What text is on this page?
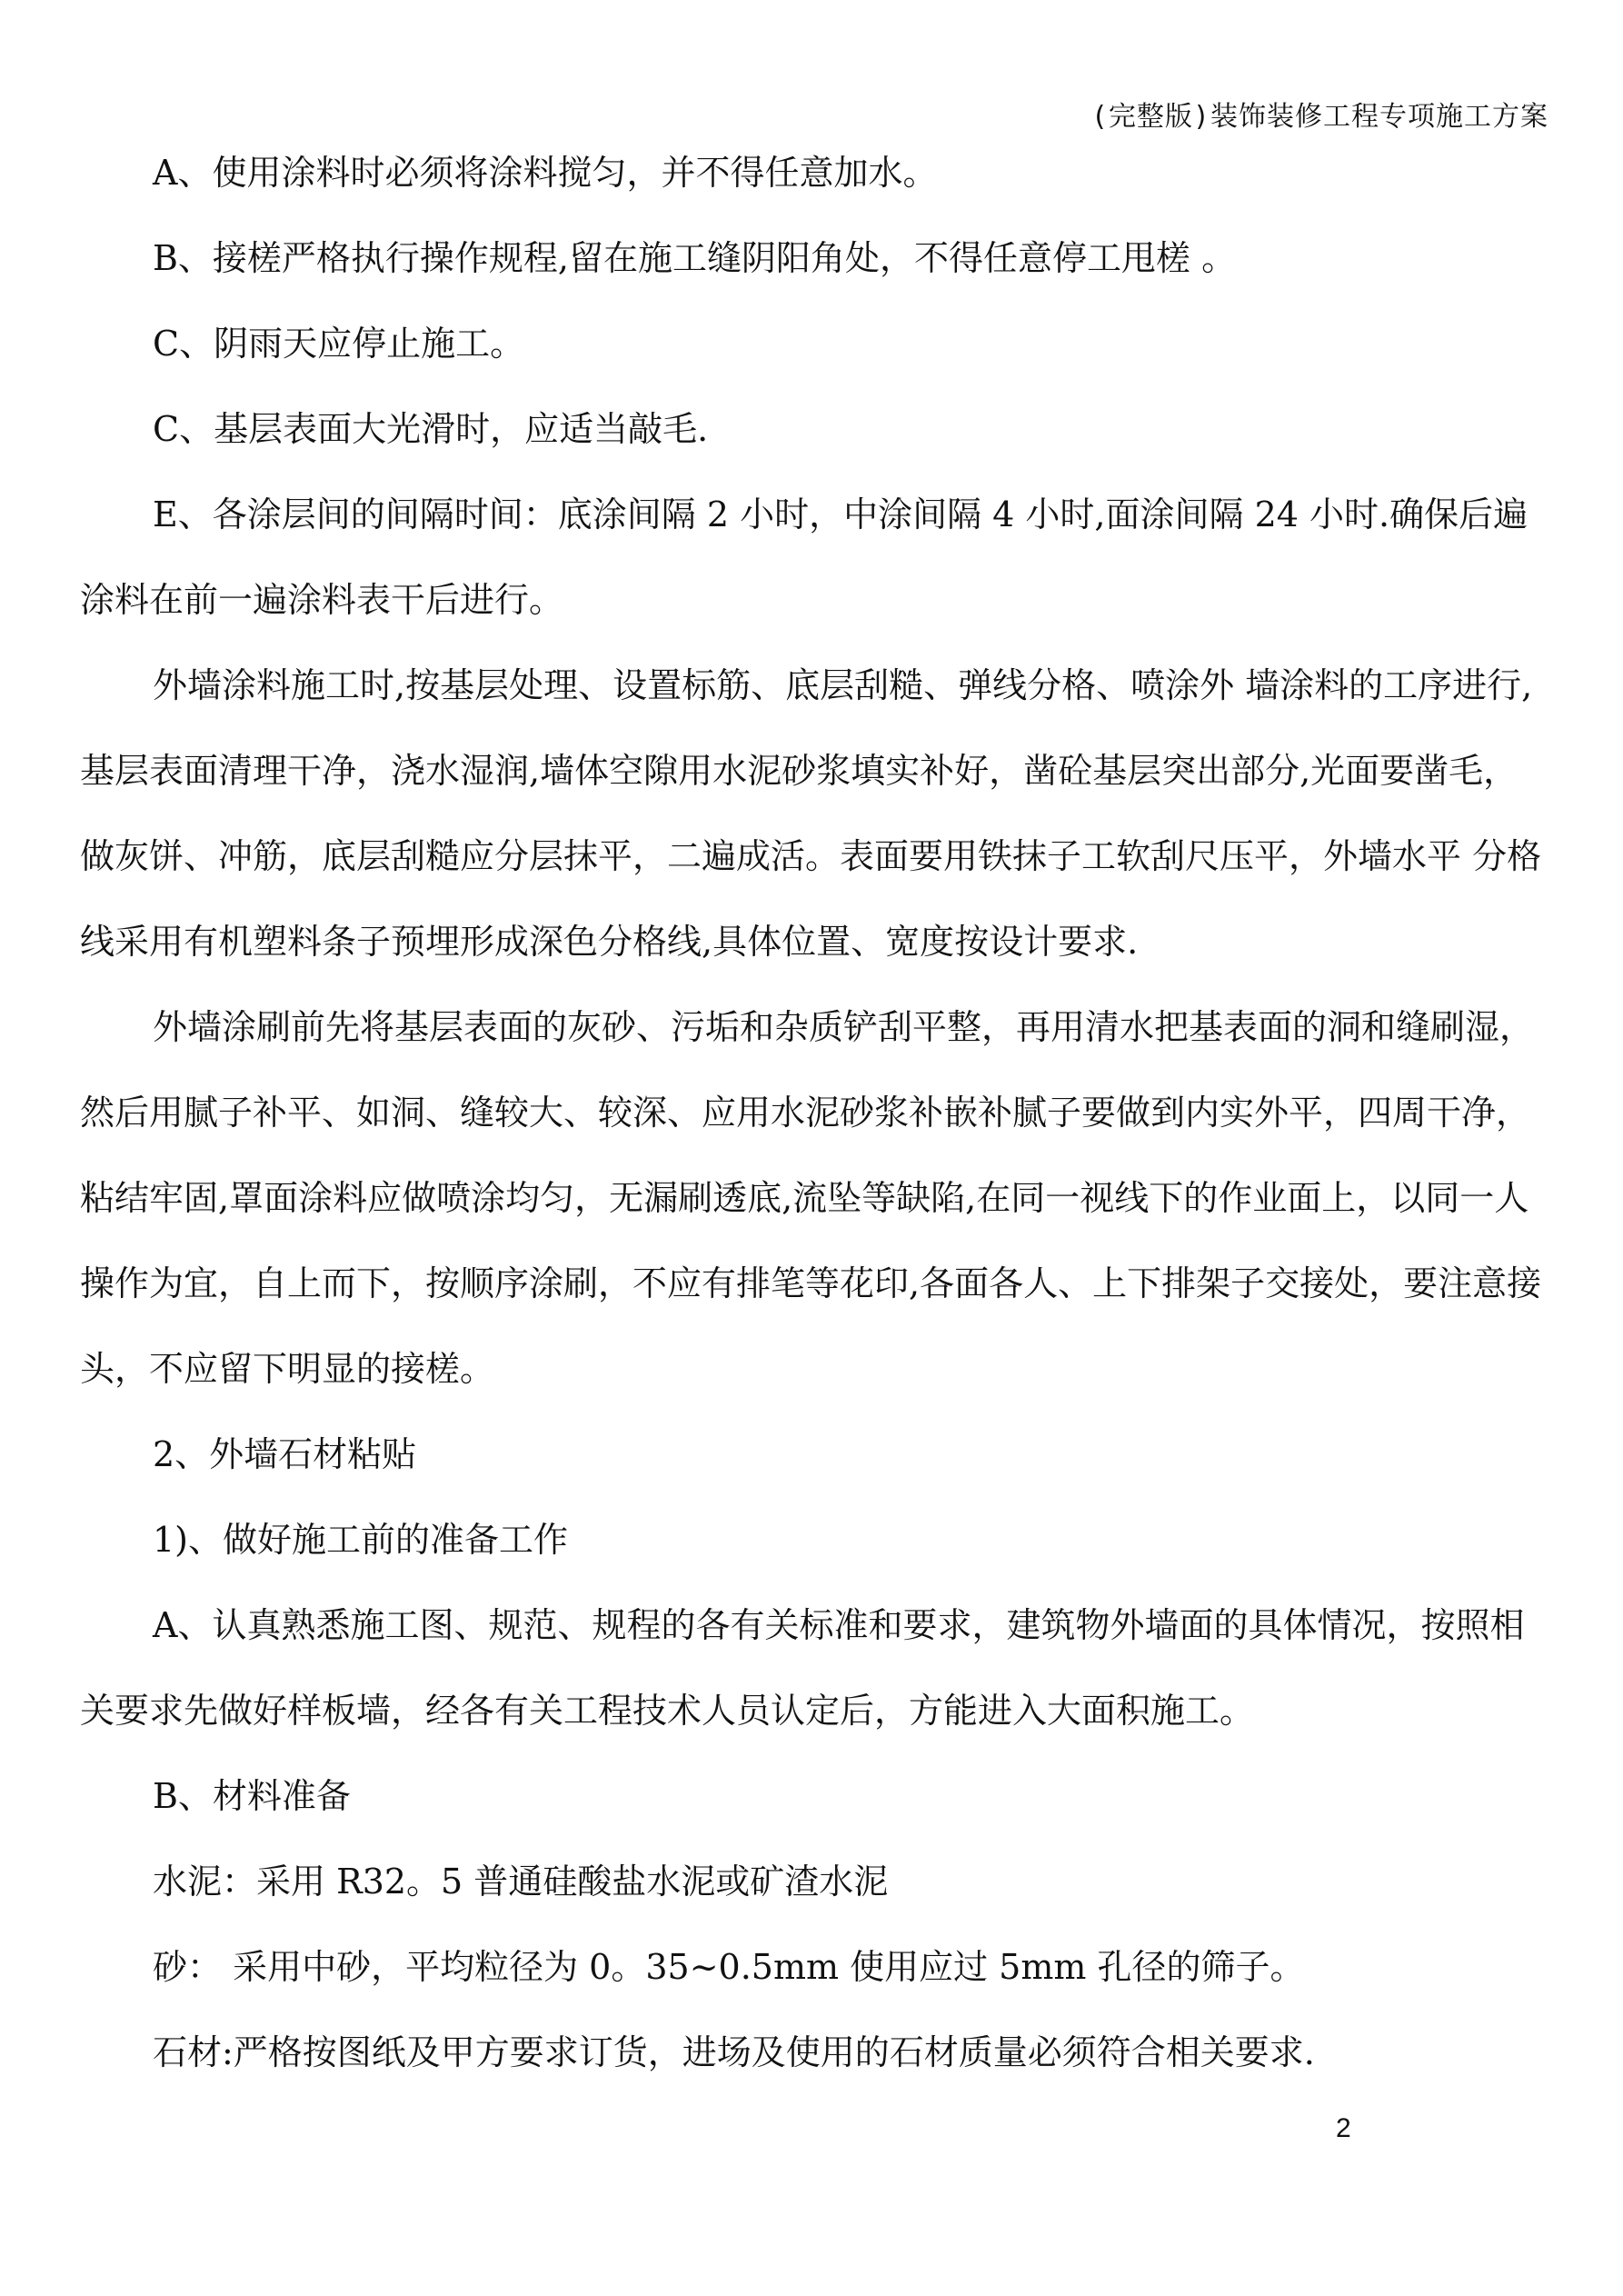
(完整版)装饰装修工程专项施工方案

A、使用涂料时必须将涂料搅匀，并不得任意加水。

B、接槎严格执行操作规程,留在施工缝阴阳角处，不得任意停工甩槎 。

C、阴雨天应停止施工。

C、基层表面大光滑时，应适当敲毛.

E、各涂层间的间隔时间：底涂间隔 2 小时，中涂间隔 4 小时,面涂间隔 24 小时.确保后遍涂料在前一遍涂料表干后进行。

外墙涂料施工时,按基层处理、设置标筋、底层刮糙、弹线分格、喷涂外 墙涂料的工序进行,基层表面清理干净，浇水湿润,墙体空隙用水泥砂浆填实补好，凿砼基层突出部分,光面要凿毛，做灰饼、冲筋，底层刮糙应分层抹平，二遍成活。表面要用铁抹子工软刮尺压平，外墙水平 分格线采用有机塑料条子预埋形成深色分格线,具体位置、宽度按设计要求.

外墙涂刷前先将基层表面的灰砂、污垢和杂质铲刮平整，再用清水把基表面的洞和缝刷湿，然后用腻子补平、如洞、缝较大、较深、应用水泥砂浆补嵌补腻子要做到内实外平，四周干净，粘结牢固,罩面涂料应做喷涂均匀，无漏刷透底,流坠等缺陷,在同一视线下的作业面上，以同一人操作为宜，自上而下，按顺序涂刷，不应有排笔等花印,各面各人、上下排架子交接处，要注意接头，不应留下明显的接槎。

2、外墙石材粘贴

1)、做好施工前的准备工作

A、认真熟悉施工图、规范、规程的各有关标准和要求，建筑物外墙面的具体情况，按照相关要求先做好样板墙，经各有关工程技术人员认定后，方能进入大面积施工。

B、材料准备

水泥：采用 R32。5 普通硅酸盐水泥或矿渣水泥

砂： 采用中砂，平均粒径为 0。35~0.5mm 使用应过 5mm 孔径的筛子。

石材:严格按图纸及甲方要求订货，进场及使用的石材质量必须符合相关要求.

2
